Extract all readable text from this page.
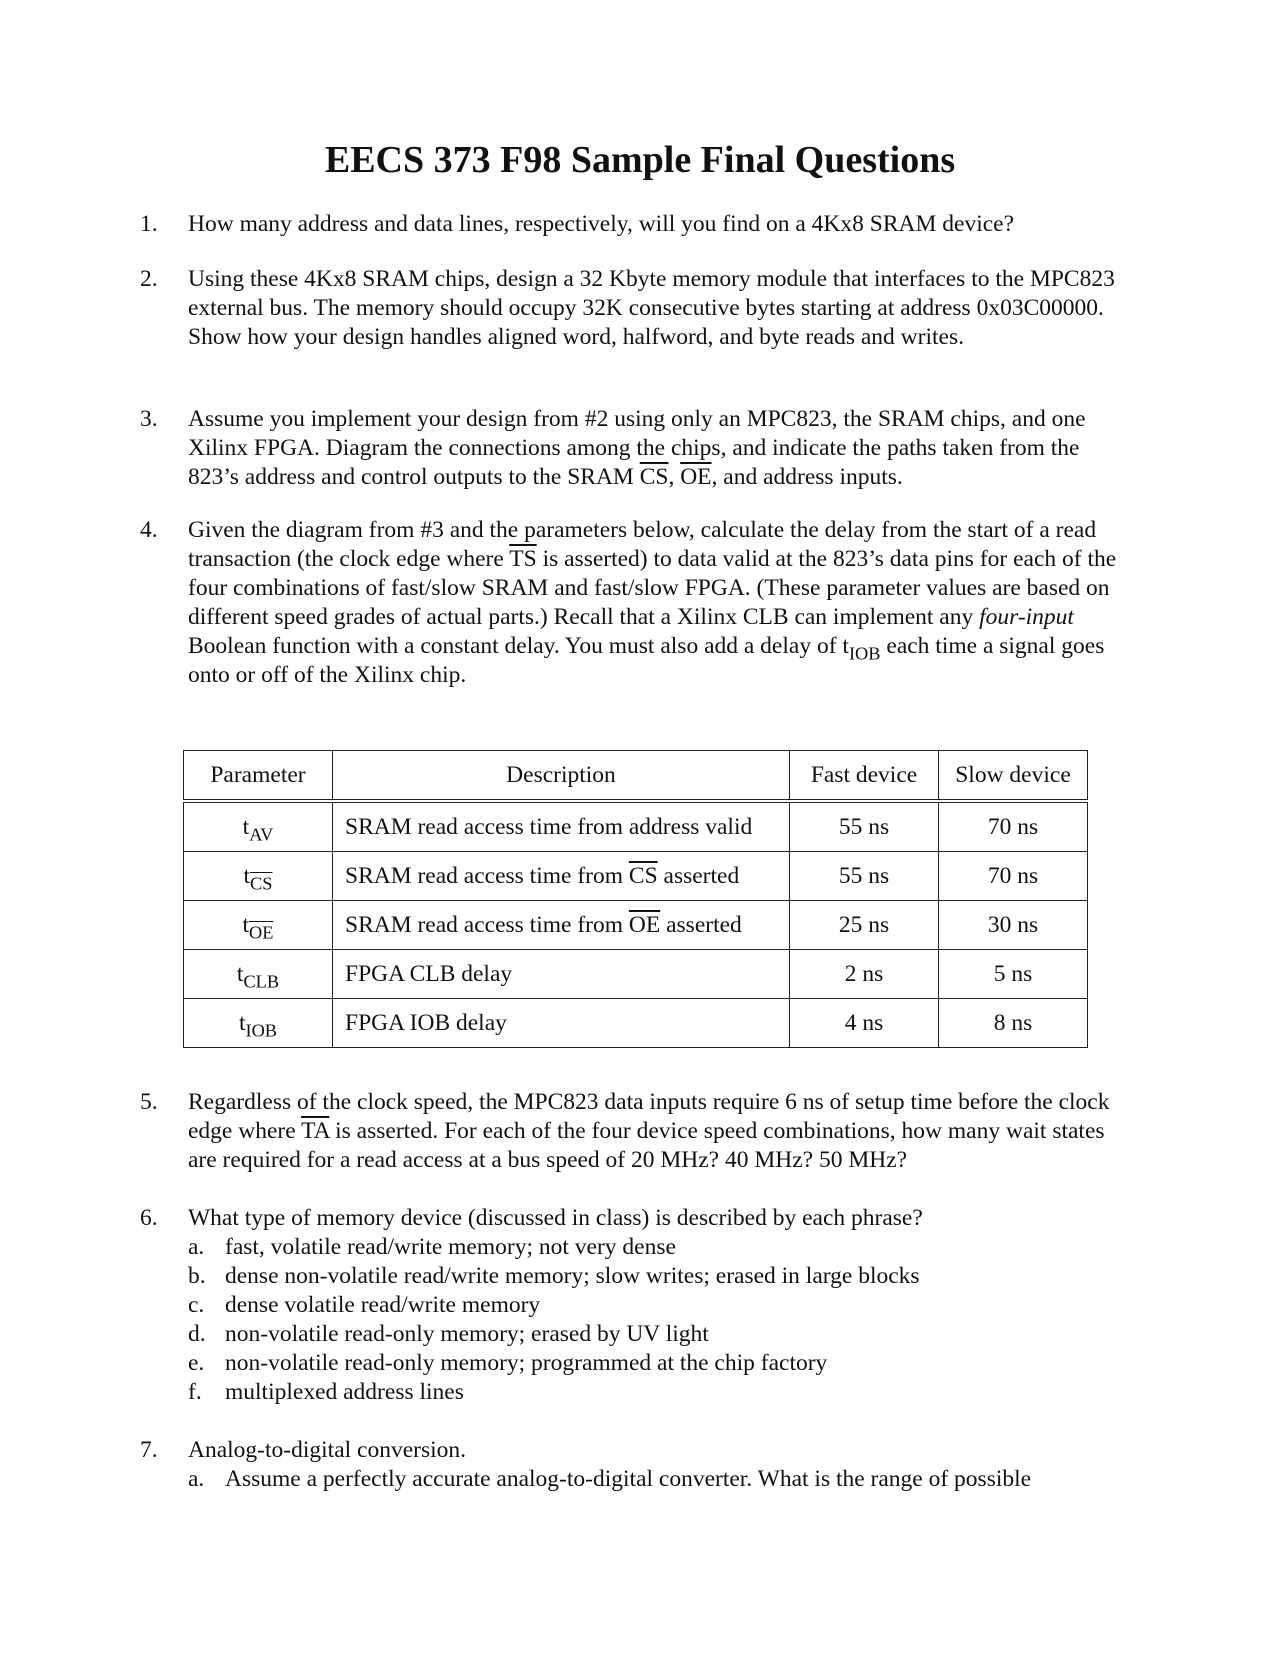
EECS 373 F98 Sample Final Questions
1.	How many address and data lines, respectively, will you find on a 4Kx8 SRAM device?
2.	Using these 4Kx8 SRAM chips, design a 32 Kbyte memory module that interfaces to the MPC823 external bus. The memory should occupy 32K consecutive bytes starting at address 0x03C00000. Show how your design handles aligned word, halfword, and byte reads and writes.
3.	Assume you implement your design from #2 using only an MPC823, the SRAM chips, and one Xilinx FPGA. Diagram the connections among the chips, and indicate the paths taken from the 823’s address and control outputs to the SRAM $\overline{CS}$, $\overline{OE}$, and address inputs.
4.	Given the diagram from #3 and the parameters below, calculate the delay from the start of a read transaction (the clock edge where $\overline{TS}$ is asserted) to data valid at the 823’s data pins for each of the four combinations of fast/slow SRAM and fast/slow FPGA. (These parameter values are based on different speed grades of actual parts.) Recall that a Xilinx CLB can implement any four-input Boolean function with a constant delay. You must also add a delay of $t_{IOB}$ each time a signal goes onto or off of the Xilinx chip.
Parameter	Description	Fast device	Slow device
$t_{AV}$	SRAM read access time from address valid	55 ns	70 ns
$t_{\overline{CS}}$	SRAM read access time from $\overline{CS}$ asserted	55 ns	70 ns
$t_{\overline{OE}}$	SRAM read access time from $\overline{OE}$ asserted	25 ns	30 ns
$t_{CLB}$	FPGA CLB delay	2 ns	5 ns
$t_{IOB}$	FPGA IOB delay	4 ns	8 ns
5.	Regardless of the clock speed, the MPC823 data inputs require 6 ns of setup time before the clock edge where $\overline{TA}$ is asserted. For each of the four device speed combinations, how many wait states are required for a read access at a bus speed of 20 MHz? 40 MHz? 50 MHz?
6.	What type of memory device (discussed in class) is described by each phrase?
a. fast, volatile read/write memory; not very dense
b. dense non-volatile read/write memory; slow writes; erased in large blocks
c. dense volatile read/write memory
d. non-volatile read-only memory; erased by UV light
e. non-volatile read-only memory; programmed at the chip factory
f. multiplexed address lines
7.	Analog-to-digital conversion.
a. Assume a perfectly accurate analog-to-digital converter. What is the range of possible
